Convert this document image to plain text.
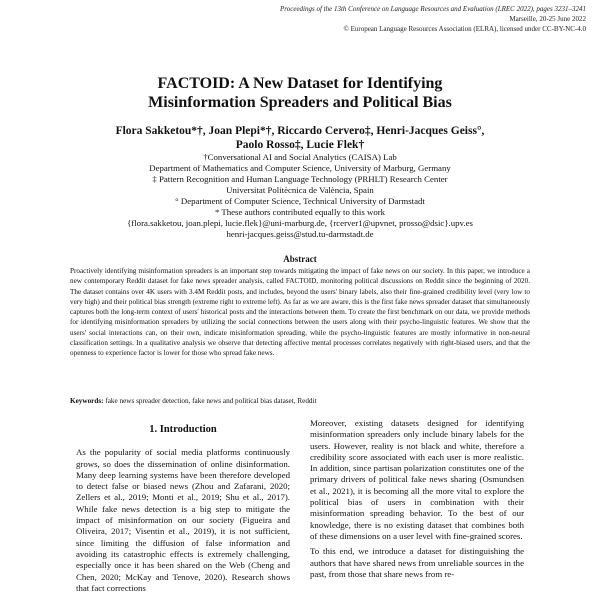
Proceedings of the 13th Conference on Language Resources and Evaluation (LREC 2022), pages 3231–3241
Marseille, 20-25 June 2022
© European Language Resources Association (ELRA), licensed under CC-BY-NC-4.0
FACTOID: A New Dataset for Identifying
Misinformation Spreaders and Political Bias
Flora Sakketou*†, Joan Plepi*†, Riccardo Cervero‡, Henri-Jacques Geiss°,
Paolo Rosso‡, Lucie Flek†
†Conversational AI and Social Analytics (CAISA) Lab
Department of Mathematics and Computer Science, University of Marburg, Germany
‡ Pattern Recognition and Human Language Technology (PRHLT) Research Center
Universitat Politècnica de València, Spain
° Department of Computer Science, Technical University of Darmstadt
* These authors contributed equally to this work
{flora.sakketou, joan.plepi, lucie.flek}@uni-marburg.de, {rcerver1@upvnet, prosso@dsic}.upv.es
henri-jacques.geiss@stud.tu-darmstadt.de
Abstract
Proactively identifying misinformation spreaders is an important step towards mitigating the impact of fake news on our society. In this paper, we introduce a new contemporary Reddit dataset for fake news spreader analysis, called FACTOID, monitoring political discussions on Reddit since the beginning of 2020. The dataset contains over 4K users with 3.4M Reddit posts, and includes, beyond the users' binary labels, also their fine-grained credibility level (very low to very high) and their political bias strength (extreme right to extreme left). As far as we are aware, this is the first fake news spreader dataset that simultaneously captures both the long-term context of users' historical posts and the interactions between them. To create the first benchmark on our data, we provide methods for identifying misinformation spreaders by utilizing the social connections between the users along with their psycho-linguistic features. We show that the users' social interactions can, on their own, indicate misinformation spreading, while the psycho-linguistic features are mostly informative in non-neural classification settings. In a qualitative analysis we observe that detecting affective mental processes correlates negatively with right-biased users, and that the openness to experience factor is lower for those who spread fake news.
Keywords: fake news spreader detection, fake news and political bias dataset, Reddit
1. Introduction

As the popularity of social media platforms continuously grows, so does the dissemination of online disinformation. Many deep learning systems have been therefore developed to detect false or biased news (Zhou and Zafarani, 2020; Zellers et al., 2019; Monti et al., 2019; Shu et al., 2017). While fake news detection is a big step to mitigate the impact of misinformation on our society (Figueira and Oliveira, 2017; Visentin et al., 2019), it is not sufficient, since limiting the diffusion of false information and avoiding its catastrophic effects is extremely challenging, especially once it has been shared on the Web (Cheng and Chen, 2020; McKay and Tenove, 2020). Research shows that fact corrections

Moreover, existing datasets designed for identifying misinformation spreaders only include binary labels for the users. However, reality is not black and white, therefore a credibility score associated with each user is more realistic. In addition, since partisan polarization constitutes one of the primary drivers of political fake news sharing (Osmundsen et al., 2021), it is becoming all the more vital to explore the political bias of users in combination with their misinformation spreading behavior. To the best of our knowledge, there is no existing dataset that combines both of these dimensions on a user level with fine-grained scores.

To this end, we introduce a dataset for distinguishing the authors that have shared news from unreliable sources in the past, from those that share news from re-
